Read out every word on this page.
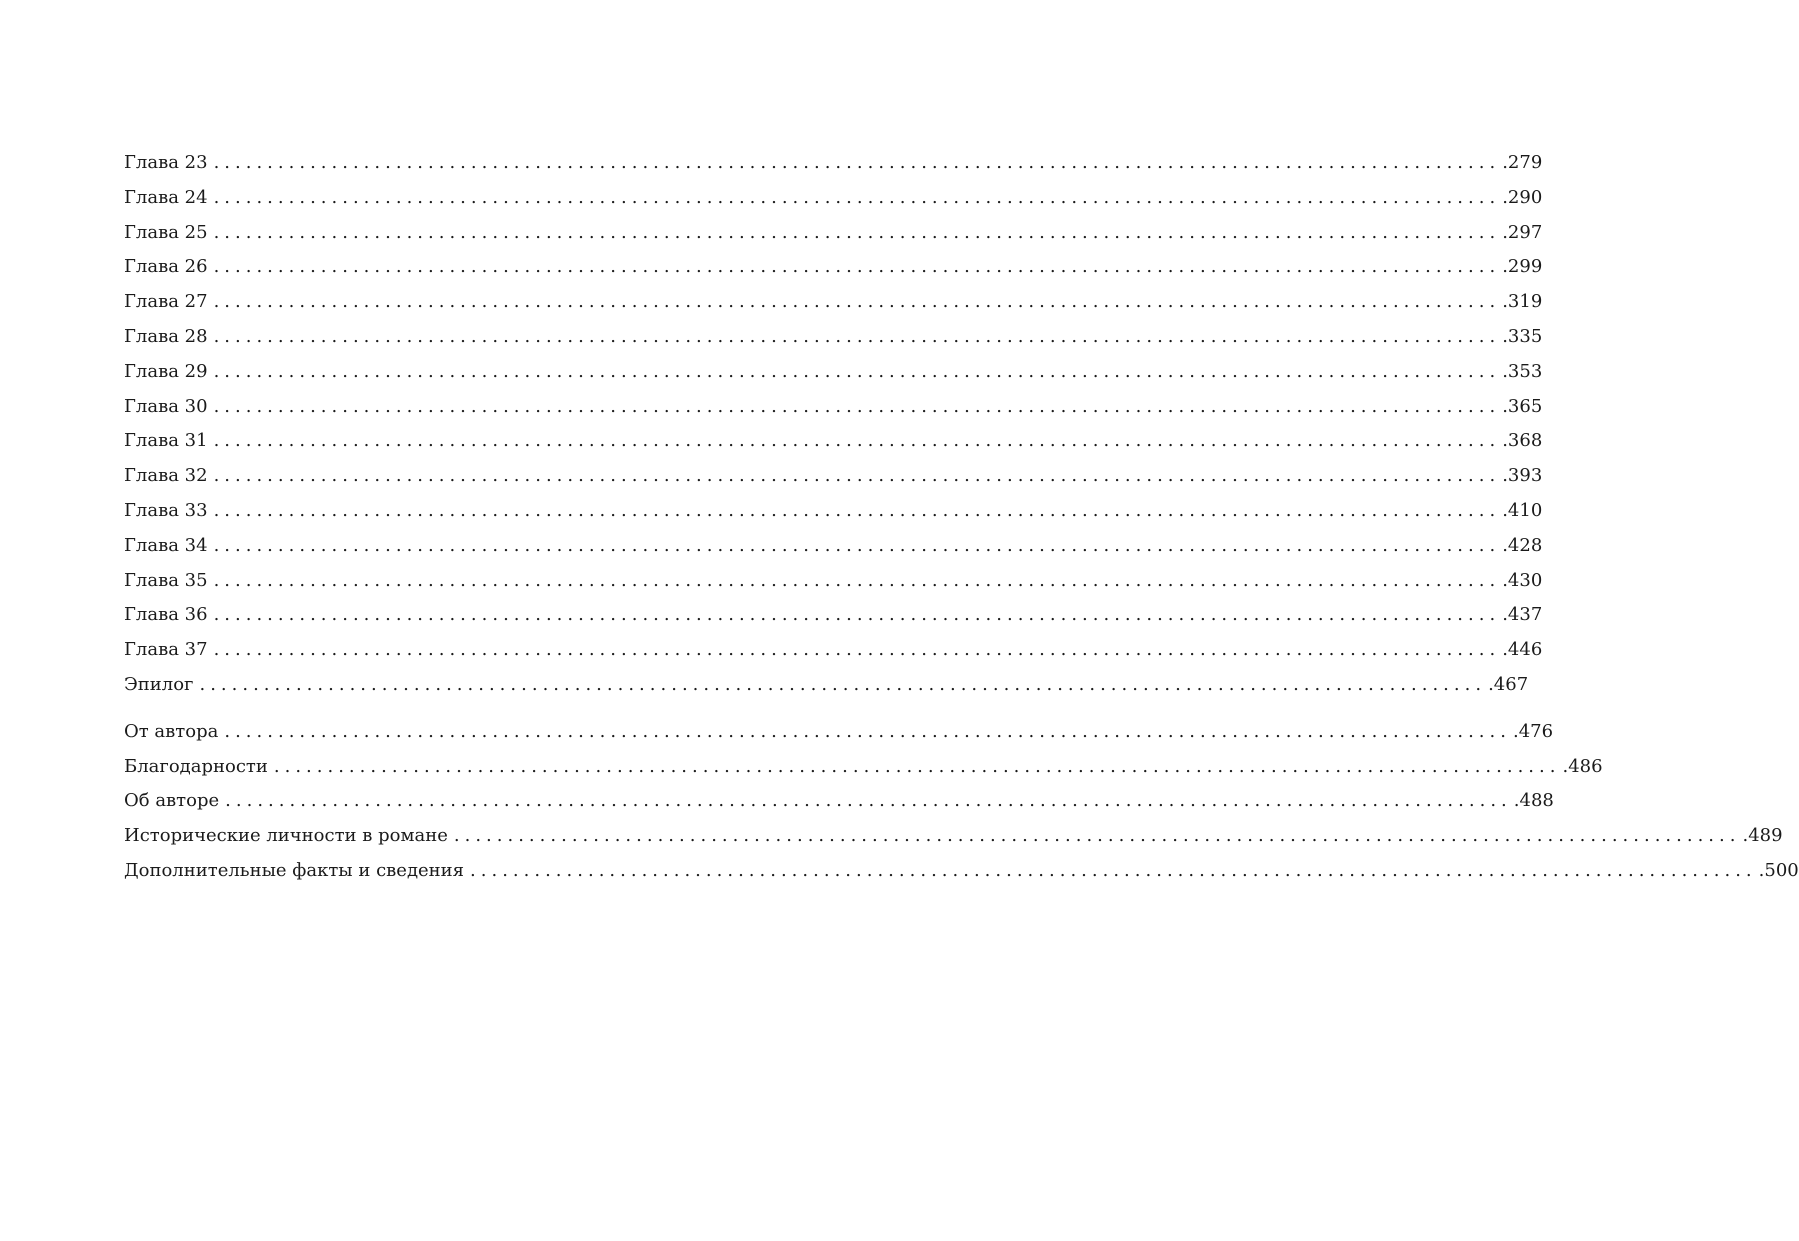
Глава 23 ........................................................................................................................ .279
Глава 24 ........................................................................................................................ .290
Глава 25 ........................................................................................................................ .297
Глава 26 ........................................................................................................................ .299
Глава 27 ........................................................................................................................ .319
Глава 28 ........................................................................................................................ .335
Глава 29 ........................................................................................................................ .353
Глава 30 ........................................................................................................................ .365
Глава 31 ........................................................................................................................ .368
Глава 32 ........................................................................................................................ .393
Глава 33 ........................................................................................................................ .410
Глава 34 ........................................................................................................................ .428
Глава 35 ........................................................................................................................ .430
Глава 36 ........................................................................................................................ .437
Глава 37 ........................................................................................................................ .446
Эпилог ........................................................................................................................ .467
От автора ........................................................................................................................ .476
Благодарности ........................................................................................................................ .486
Об авторе ........................................................................................................................ .488
Исторические личности в романе ........................................................................................................................ .489
Дополнительные факты и сведения ........................................................................................................................ .500
